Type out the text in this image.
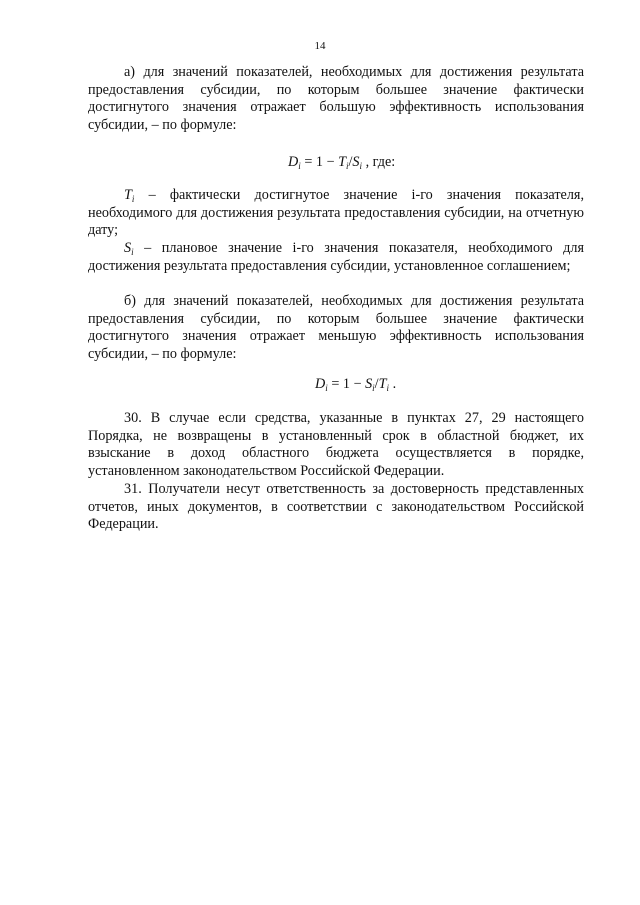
14

а) для значений показателей, необходимых для достижения результата предоставления субсидии, по которым большее значение фактически достигнутого значения отражает большую эффективность использования субсидии, – по формуле:

$D_i = 1 - T_i/S_i$ , где:

$T_i$ – фактически достигнутое значение i-го значения показателя, необходимого для достижения результата предоставления субсидии, на отчетную дату;

$S_i$ – плановое значение i-го значения показателя, необходимого для достижения результата предоставления субсидии, установленное соглашением;

б) для значений показателей, необходимых для достижения результата предоставления субсидии, по которым большее значение фактически достигнутого значения отражает меньшую эффективность использования субсидии, – по формуле:

$D_i = 1 - S_i/T_i$ .

30. В случае если средства, указанные в пунктах 27, 29 настоящего Порядка, не возвращены в установленный срок в областной бюджет, их взыскание в доход областного бюджета осуществляется в порядке, установленном законодательством Российской Федерации.

31. Получатели несут ответственность за достоверность представленных отчетов, иных документов, в соответствии с законодательством Российской Федерации.
